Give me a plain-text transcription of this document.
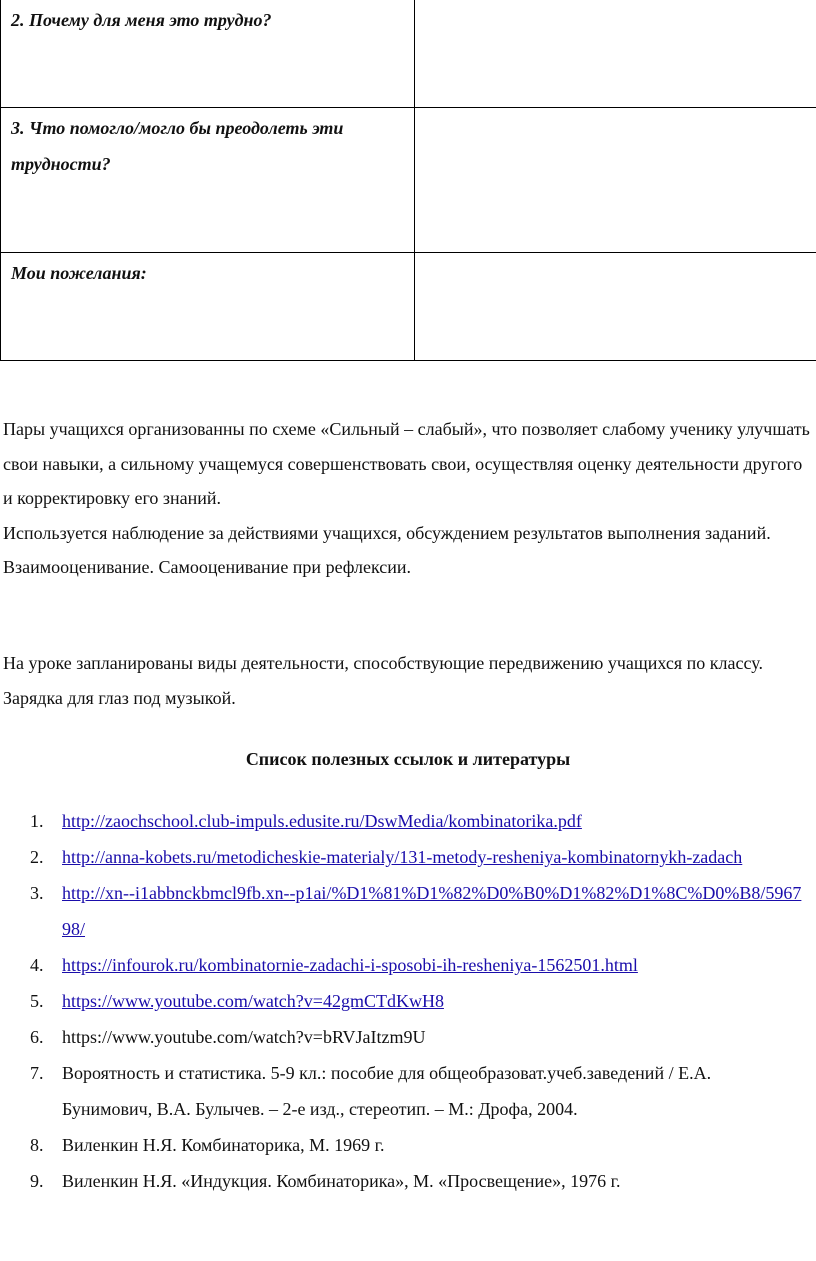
2. Почему для меня это трудно?	
3. Что помогло/могло бы преодолеть эти трудности?	
Мои пожелания:	

Пары учащихся организованны по схеме «Сильный – слабый», что позволяет слабому ученику улучшать свои навыки, а сильному учащемуся совершенствовать свои, осуществляя оценку деятельности другого и корректировку его знаний.

Используется наблюдение за действиями учащихся, обсуждением результатов выполнения заданий.

Взаимооценивание. Самооценивание при рефлексии.

На уроке запланированы виды деятельности, способствующие передвижению учащихся по классу. Зарядка для глаз под музыкой.

Список полезных ссылок и литературы
1. http://zaochschool.club-impuls.edusite.ru/DswMedia/kombinatorika.pdf
2. http://anna-kobets.ru/metodicheskie-materialy/131-metody-resheniya-kombinatornykh-zadach
3. http://xn--i1abbnckbmcl9fb.xn--p1ai/%D1%81%D1%82%D0%B0%D1%82%D1%8C%D0%B8/596798/
4. https://infourok.ru/kombinatornie-zadachi-i-sposobi-ih-resheniya-1562501.html
5. https://www.youtube.com/watch?v=42gmCTdKwH8
6. https://www.youtube.com/watch?v=bRVJaItzm9U
7. Вороятность и статистика. 5-9 кл.: пособие для общеобразоват.учеб.заведений / Е.А. Бунимович, В.А. Булычев. – 2-е изд., стереотип. – М.: Дрофа, 2004.
8. Виленкин Н.Я. Комбинаторика, М. 1969 г.
9. Виленкин Н.Я. «Индукция. Комбинаторика», М. «Просвещение», 1976 г.
